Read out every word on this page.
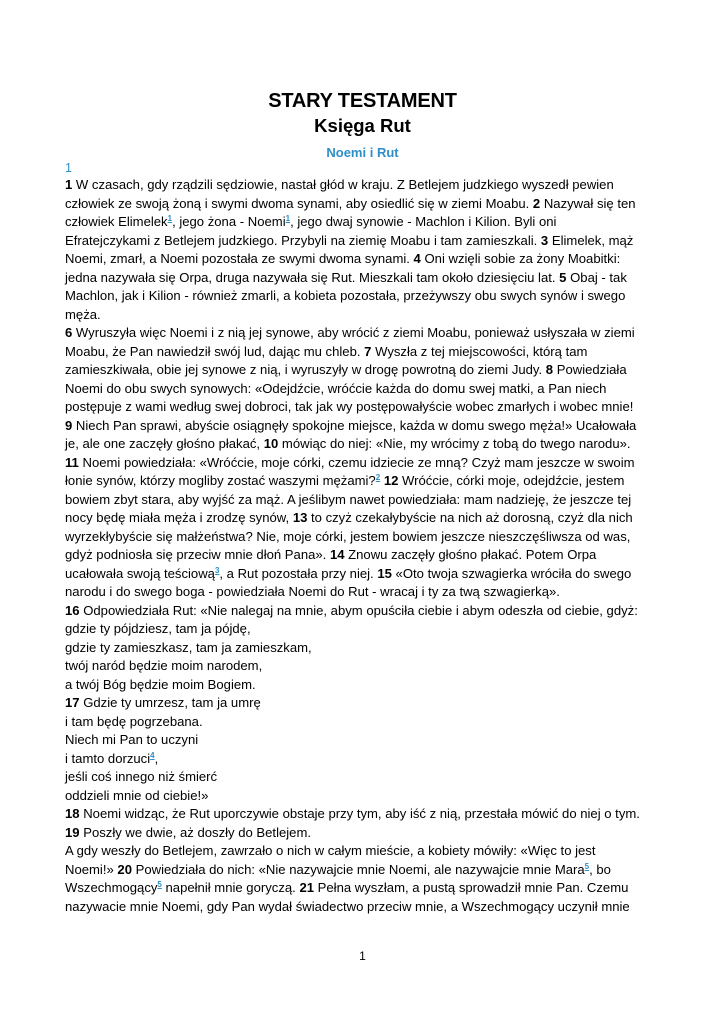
STARY TESTAMENT
Księga Rut
Noemi i Rut
1
1 W czasach, gdy rządzili sędziowie, nastał głód w kraju. Z Betlejem judzkiego wyszedł pewien
człowiek ze swoją żoną i swymi dwoma synami, aby osiedlić się w ziemi Moabu. 2 Nazywał się ten
człowiek Elimelek$^1$, jego żona - Noemi$^1$, jego dwaj synowie - Machlon i Kilion. Byli oni
Efratejczykami z Betlejem judzkiego. Przybyli na ziemię Moabu i tam zamieszkali. 3 Elimelek, mąż
Noemi, zmarł, a Noemi pozostała ze swymi dwoma synami. 4 Oni wzięli sobie za żony Moabitki:
jedna nazywała się Orpa, druga nazywała się Rut. Mieszkali tam około dziesięciu lat. 5 Obaj - tak
Machlon, jak i Kilion - również zmarli, a kobieta pozostała, przeżywszy obu swych synów i swego
męża.
6 Wyruszyła więc Noemi i z nią jej synowe, aby wrócić z ziemi Moabu, ponieważ usłyszała w ziemi
Moabu, że Pan nawiedził swój lud, dając mu chleb. 7 Wyszła z tej miejscowości, którą tam
zamieszkiwała, obie jej synowe z nią, i wyruszyły w drogę powrotną do ziemi Judy. 8 Powiedziała
Noemi do obu swych synowych: «Odejdźcie, wróćcie każda do domu swej matki, a Pan niech
postępuje z wami według swej dobroci, tak jak wy postępowałyście wobec zmarłych i wobec mnie!
9 Niech Pan sprawi, abyście osiągnęły spokojne miejsce, każda w domu swego męża!» Ucałowała
je, ale one zaczęły głośno płakać, 10 mówiąc do niej: «Nie, my wrócimy z tobą do twego narodu».
11 Noemi powiedziała: «Wróćcie, moje córki, czemu idziecie ze mną? Czyż mam jeszcze w swoim
łonie synów, którzy mogliby zostać waszymi mężami?$^2$ 12 Wróćcie, córki moje, odejdźcie, jestem
bowiem zbyt stara, aby wyjść za mąż. A jeślibym nawet powiedziała: mam nadzieję, że jeszcze tej
nocy będę miała męża i zrodzę synów, 13 to czyż czekałybyście na nich aż dorosną, czyż dla nich
wyrzekłybyście się małżeństwa? Nie, moje córki, jestem bowiem jeszcze nieszczęśliwsza od was,
gdyż podniosła się przeciw mnie dłoń Pana». 14 Znowu zaczęły głośno płakać. Potem Orpa
ucałowała swoją teściową$^3$, a Rut pozostała przy niej. 15 «Oto twoja szwagierka wróciła do swego
narodu i do swego boga - powiedziała Noemi do Rut - wracaj i ty za twą szwagierką».
16 Odpowiedziała Rut: «Nie nalegaj na mnie, abym opuściła ciebie i abym odeszła od ciebie, gdyż:
gdzie ty pójdziesz, tam ja pójdę,
gdzie ty zamieszkasz, tam ja zamieszkam,
twój naród będzie moim narodem,
a twój Bóg będzie moim Bogiem.
17 Gdzie ty umrzesz, tam ja umrę
i tam będę pogrzebana.
Niech mi Pan to uczyni
i tamto dorzuci$^4$,
jeśli coś innego niż śmierć
oddzieli mnie od ciebie!»
18 Noemi widząc, że Rut uporczywie obstaje przy tym, aby iść z nią, przestała mówić do niej o tym.
19 Poszły we dwie, aż doszły do Betlejem.
A gdy weszły do Betlejem, zawrzało o nich w całym mieście, a kobiety mówiły: «Więc to jest
Noemi!» 20 Powiedziała do nich: «Nie nazywajcie mnie Noemi, ale nazywajcie mnie Mara$^5$, bo
Wszechmogący$^5$ napełnił mnie goryczą. 21 Pełna wyszłam, a pustą sprowadził mnie Pan. Czemu
nazywacie mnie Noemi, gdy Pan wydał świadectwo przeciw mnie, a Wszechmogący uczynił mnie
1
